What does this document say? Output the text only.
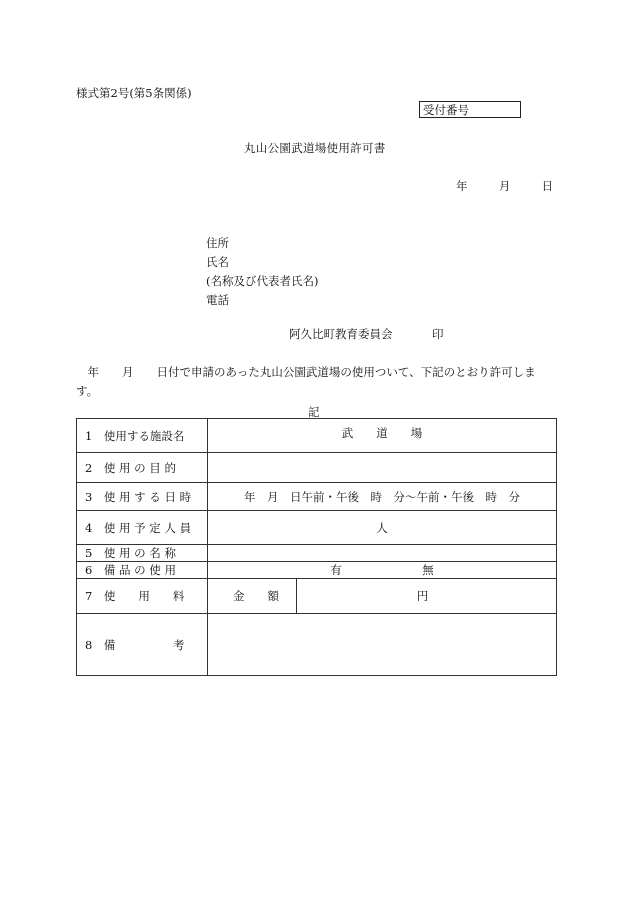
様式第2号(第5条関係)
受付番号
丸山公園武道場使用許可書
年	月	日
住所
氏名
(名称及び代表者氏名)
電話
阿久比町教育委員会	印
　年　　月　　日付で申請のあった丸山公園武道場の使用ついて、下記のとおり許可します。
記
1　使用する施設名	武　　道　　場
2　使 用 の 目 的	
3　使 用 す る 日 時	年　月　日午前・午後　時　分～午前・午後　時　分
4　使 用 予 定 人 員	人
5　使 用 の 名 称	
6　備 品 の 使 用	有　　　　　　　無
7　使　　用　　料	金　　額 円

8　備　　　　　考	
